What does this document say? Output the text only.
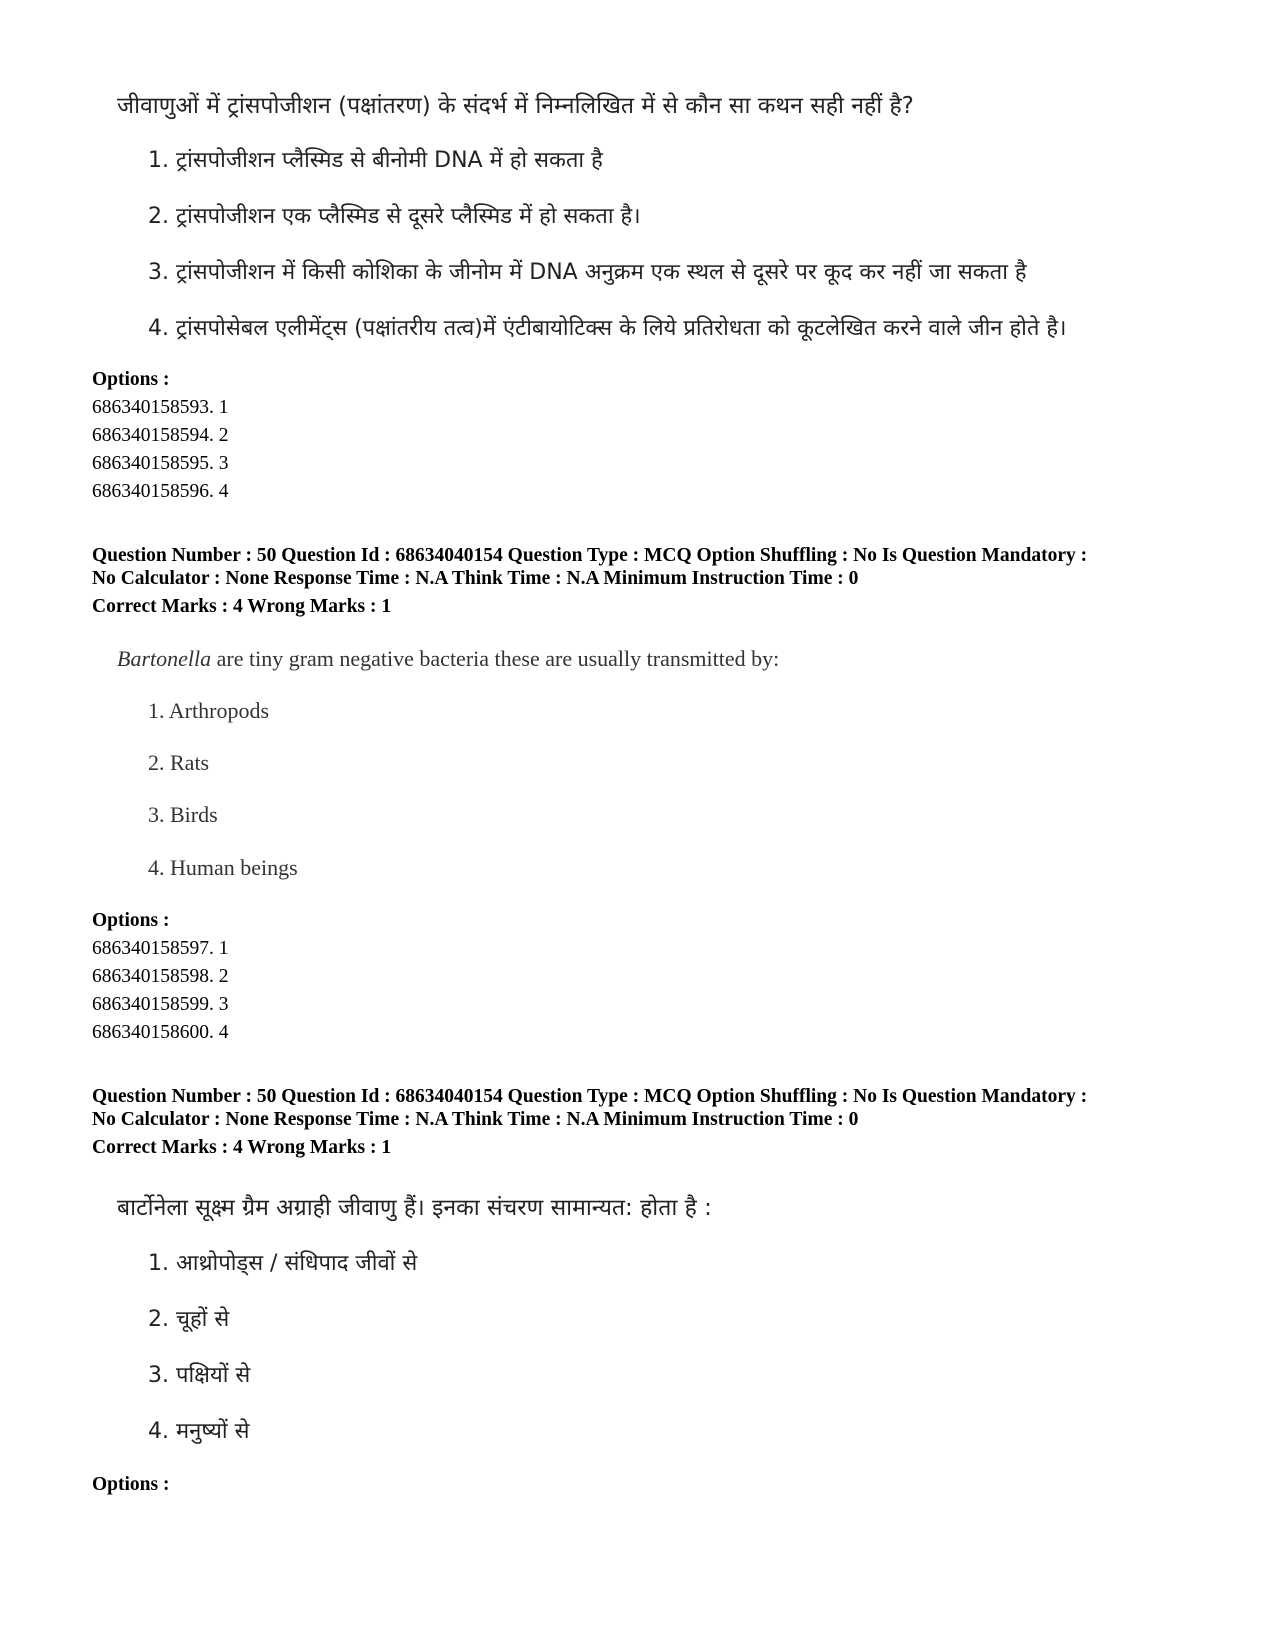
जीवाणुओं में ट्रांसपोजीशन (पक्षांतरण) के संदर्भ में निम्नलिखित में से कौन सा कथन सही नहीं है?
1. ट्रांसपोजीशन प्लैस्मिड से बीनोमी DNA में हो सकता है
2. ट्रांसपोजीशन एक प्लैस्मिड से दूसरे प्लैस्मिड में हो सकता है।
3. ट्रांसपोजीशन में किसी कोशिका के जीनोम में DNA अनुक्रम एक स्थल से दूसरे पर कूद कर नहीं जा सकता है
4. ट्रांसपोसेबल एलीमेंट्स (पक्षांतरीय तत्व)में एंटीबायोटिक्स के लिये प्रतिरोधता को कूटलेखित करने वाले जीन होते है।
Options :
686340158593. 1
686340158594. 2
686340158595. 3
686340158596. 4
Question Number : 50 Question Id : 68634040154 Question Type : MCQ Option Shuffling : No Is Question Mandatory :
No Calculator : None Response Time : N.A Think Time : N.A Minimum Instruction Time : 0
Correct Marks : 4 Wrong Marks : 1
Bartonella are tiny gram negative bacteria these are usually transmitted by:
1. Arthropods
2. Rats
3. Birds
4. Human beings
Options :
686340158597. 1
686340158598. 2
686340158599. 3
686340158600. 4
Question Number : 50 Question Id : 68634040154 Question Type : MCQ Option Shuffling : No Is Question Mandatory :
No Calculator : None Response Time : N.A Think Time : N.A Minimum Instruction Time : 0
Correct Marks : 4 Wrong Marks : 1
बार्टोनेला सूक्ष्म ग्रैम अग्राही जीवाणु हैं। इनका संचरण सामान्यत: होता है :
1. आथ्रोपोड्स / संधिपाद जीवों से
2. चूहों से
3. पक्षियों से
4. मनुष्यों से
Options :
